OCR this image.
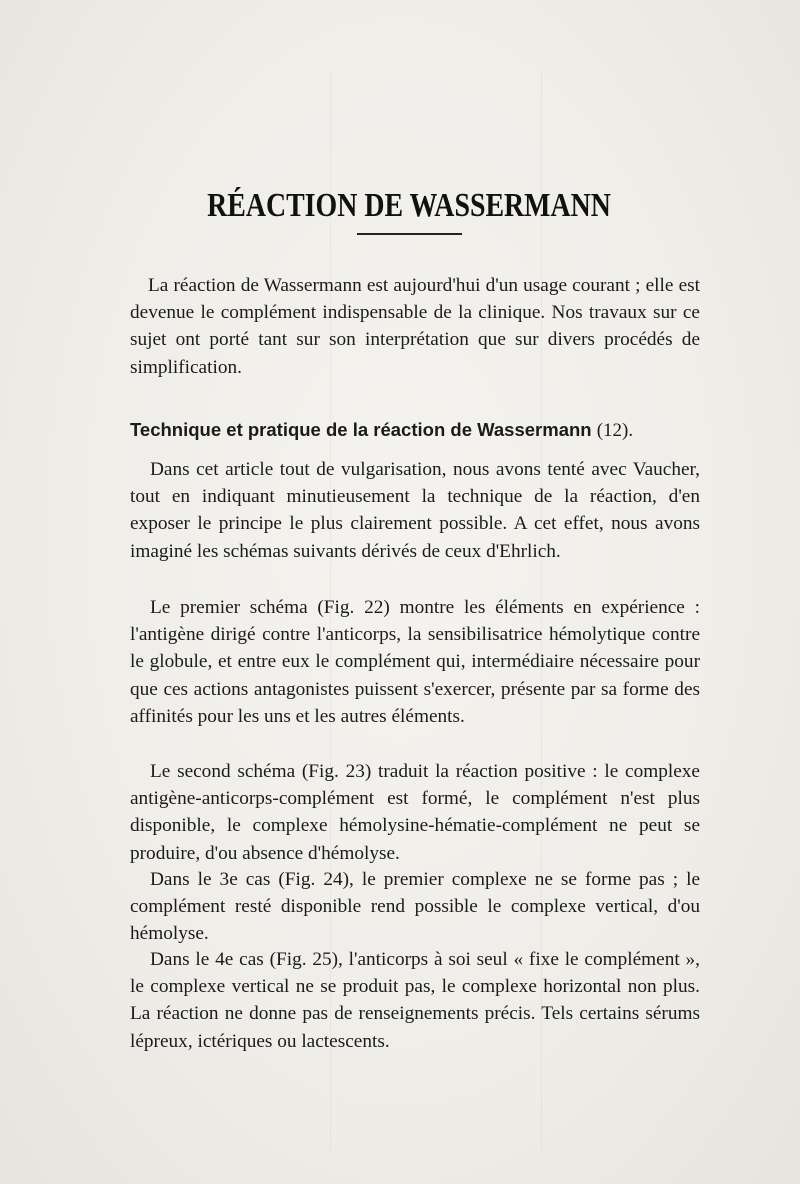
RÉACTION DE WASSERMANN

La réaction de Wassermann est aujourd'hui d'un usage courant ; elle est devenue le complément indispensable de la clinique. Nos travaux sur ce sujet ont porté tant sur son interprétation que sur divers procédés de simplification.

Technique et pratique de la réaction de Wassermann (12).

Dans cet article tout de vulgarisation, nous avons tenté avec Vaucher, tout en indiquant minutieusement la technique de la réaction, d'en exposer le principe le plus clairement possible. A cet effet, nous avons imaginé les schémas suivants dérivés de ceux d'Ehrlich.

Le premier schéma (Fig. 22) montre les éléments en expérience : l'antigène dirigé contre l'anticorps, la sensibilisatrice hémolytique contre le globule, et entre eux le complément qui, intermédiaire nécessaire pour que ces actions antagonistes puissent s'exercer, présente par sa forme des affinités pour les uns et les autres éléments.

Le second schéma (Fig. 23) traduit la réaction positive : le complexe antigène-anticorps-complément est formé, le complément n'est plus disponible, le complexe hémolysine-hématie-complément ne peut se produire, d'ou absence d'hémolyse.

Dans le 3e cas (Fig. 24), le premier complexe ne se forme pas ; le complément resté disponible rend possible le complexe vertical, d'ou hémolyse.

Dans le 4e cas (Fig. 25), l'anticorps à soi seul « fixe le complément », le complexe vertical ne se produit pas, le complexe horizontal non plus. La réaction ne donne pas de renseignements précis. Tels certains sérums lépreux, ictériques ou lactescents.
